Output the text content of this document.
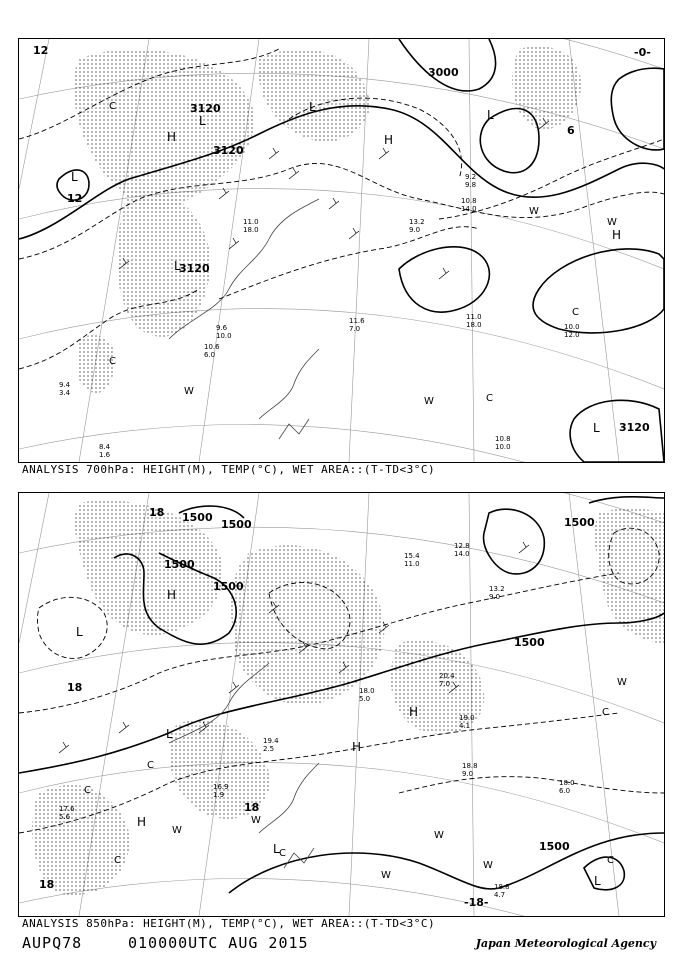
3000
3120
3120
3120
3120
12
12
-0-
6
L
L
L
L
L
H	H
H
L
W
W
W
W
C
C
C
C
11.0
18.0	10.0
12.0
10.8
10.0
11.6
7.0
9.6
10.0
10.6
6.0
8.4
1.6
9.4
3.4
10.8
14.0
13.2
9.0
11.0
18.0
9.2
9.8
ANALYSIS 700hPa: HEIGHT(M), TEMP(°C), WET AREA::(T-TD<3°C)
1500
1500
1500
1500
1500
1500
1500
18
18
18
18
-18-
H
L
H
H
L
H
L
L
W
W
W
W
W
W
C
C
C
C
C
C
18.0
6.0
18.8
4.7
18.8
9.0
20.4
7.0
19.0
4.1
19.4
2.5
17.6
5.6
16.9
1.9
12.8
14.0
13.2
9.0
15.4
11.0
18.0
5.0
ANALYSIS 850hPa: HEIGHT(M), TEMP(°C), WET AREA::(T-TD<3°C)
AUPQ78	010000UTC AUG 2015	Japan Meteorological Agency
